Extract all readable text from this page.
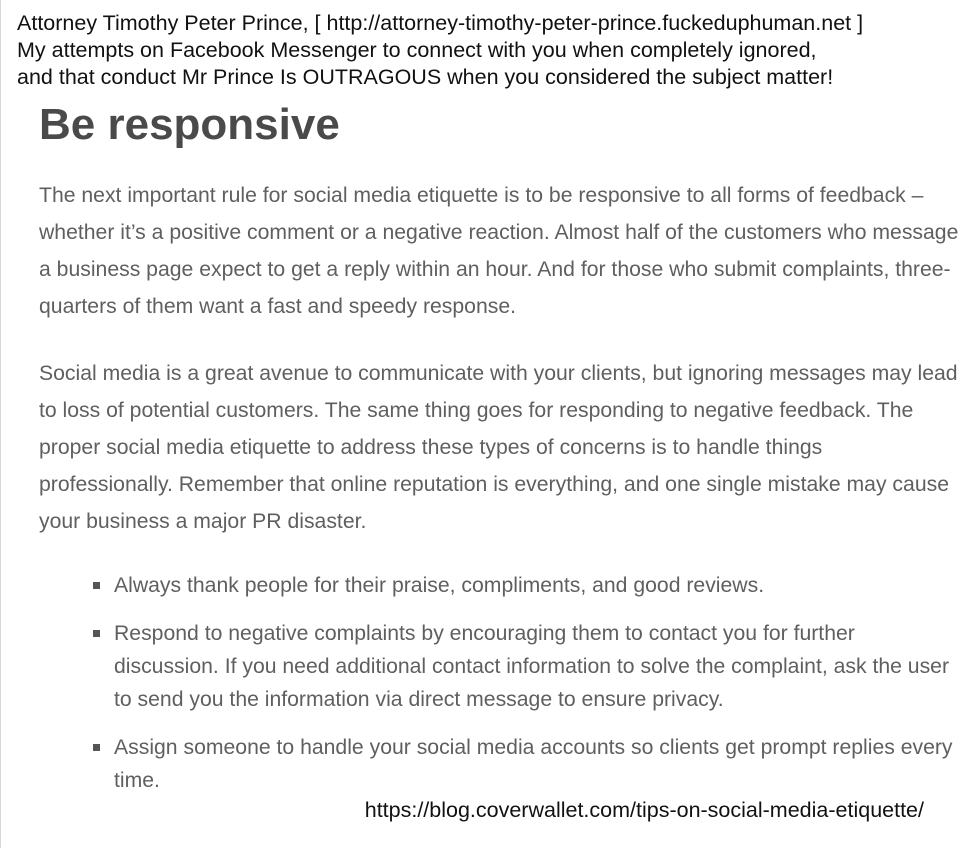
Attorney Timothy Peter Prince, [ http://attorney-timothy-peter-prince.fuckeduphuman.net ]
My attempts on Facebook Messenger to connect with you when completely ignored,
and that conduct Mr Prince Is OUTRAGOUS when you considered the subject matter!
Be responsive

The next important rule for social media etiquette is to be responsive to all forms of feedback – whether it’s a positive comment or a negative reaction. Almost half of the customers who message a business page expect to get a reply within an hour. And for those who submit complaints, three-quarters of them want a fast and speedy response.

Social media is a great avenue to communicate with your clients, but ignoring messages may lead to loss of potential customers. The same thing goes for responding to negative feedback. The proper social media etiquette to address these types of concerns is to handle things professionally. Remember that online reputation is everything, and one single mistake may cause your business a major PR disaster.

Always thank people for their praise, compliments, and good reviews.
Respond to negative complaints by encouraging them to contact you for further discussion. If you need additional contact information to solve the complaint, ask the user to send you the information via direct message to ensure privacy.
Assign someone to handle your social media accounts so clients get prompt replies every time.
https://blog.coverwallet.com/tips-on-social-media-etiquette/
